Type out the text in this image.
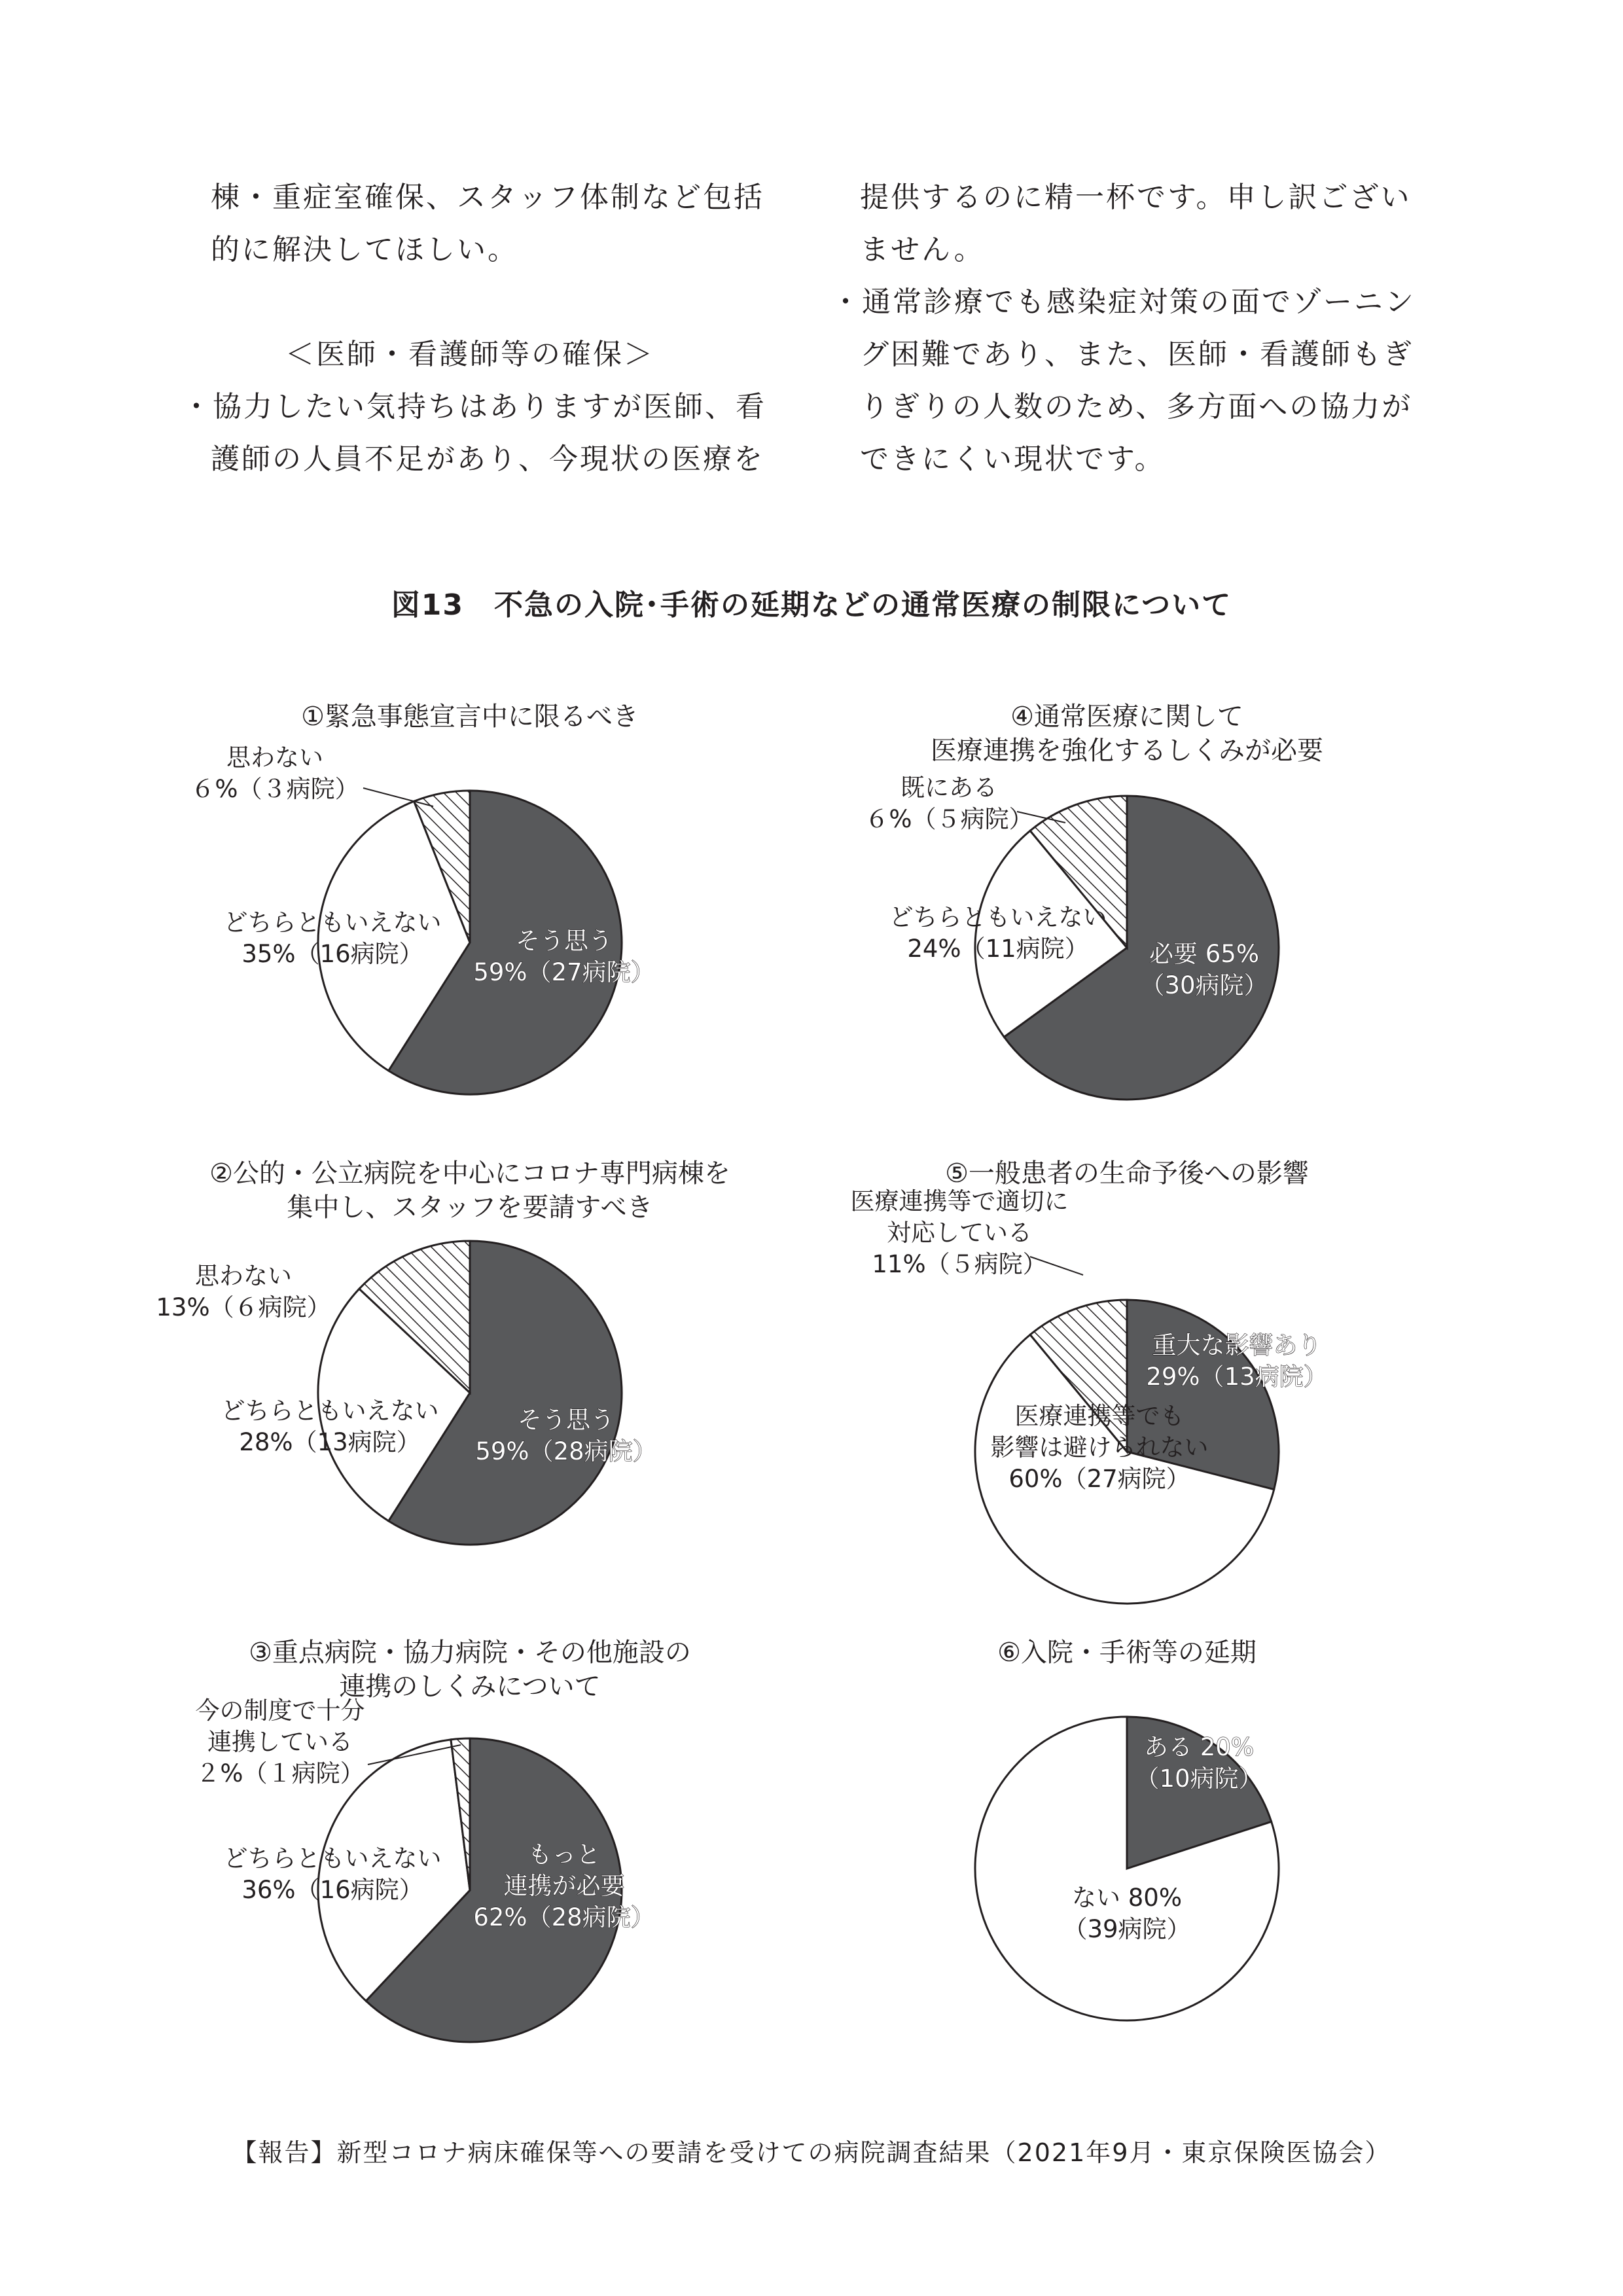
棟・重症室確保、スタッフ体制など包括

的に解決してほしい。

＜医師・看護師等の確保＞

・協力したい気持ちはありますが医師、看

護師の人員不足があり、今現状の医療を

提供するのに精一杯です。申し訳ござい

ません。

・通常診療でも感染症対策の面でゾーニン

グ困難であり、また、医師・看護師もぎ

りぎりの人数のため、多方面への協力が

できにくい現状です。

図13　不急の入院･手術の延期などの通常医療の制限について
①緊急事態宣言中に限るべき
そう思う
59%（27病院）
どちらともいえない
35%（16病院）
思わない
６%（３病院）
②公的・公立病院を中心にコロナ専門病棟を
集中し、スタッフを要請すべき
そう思う
59%（28病院）
どちらともいえない
28%（13病院）
思わない
13%（６病院）
③重点病院・協力病院・その他施設の
連携のしくみについて
もっと
連携が必要
62%（28病院）
どちらともいえない
36%（16病院）
今の制度で十分
連携している
２%（１病院）
④通常医療に関して
医療連携を強化するしくみが必要
必要 65%
（30病院）
どちらともいえない
24%（11病院）
既にある
６%（５病院）
⑤一般患者の生命予後への影響
重大な影響あり
29%（13病院）
医療連携等でも
影響は避けられない
60%（27病院）
医療連携等で適切に
対応している
11%（５病院）
⑥入院・手術等の延期
ある 20%
（10病院）
ない 80%
（39病院）
【報告】新型コロナ病床確保等への要請を受けての病院調査結果（2021年9月・東京保険医協会）
